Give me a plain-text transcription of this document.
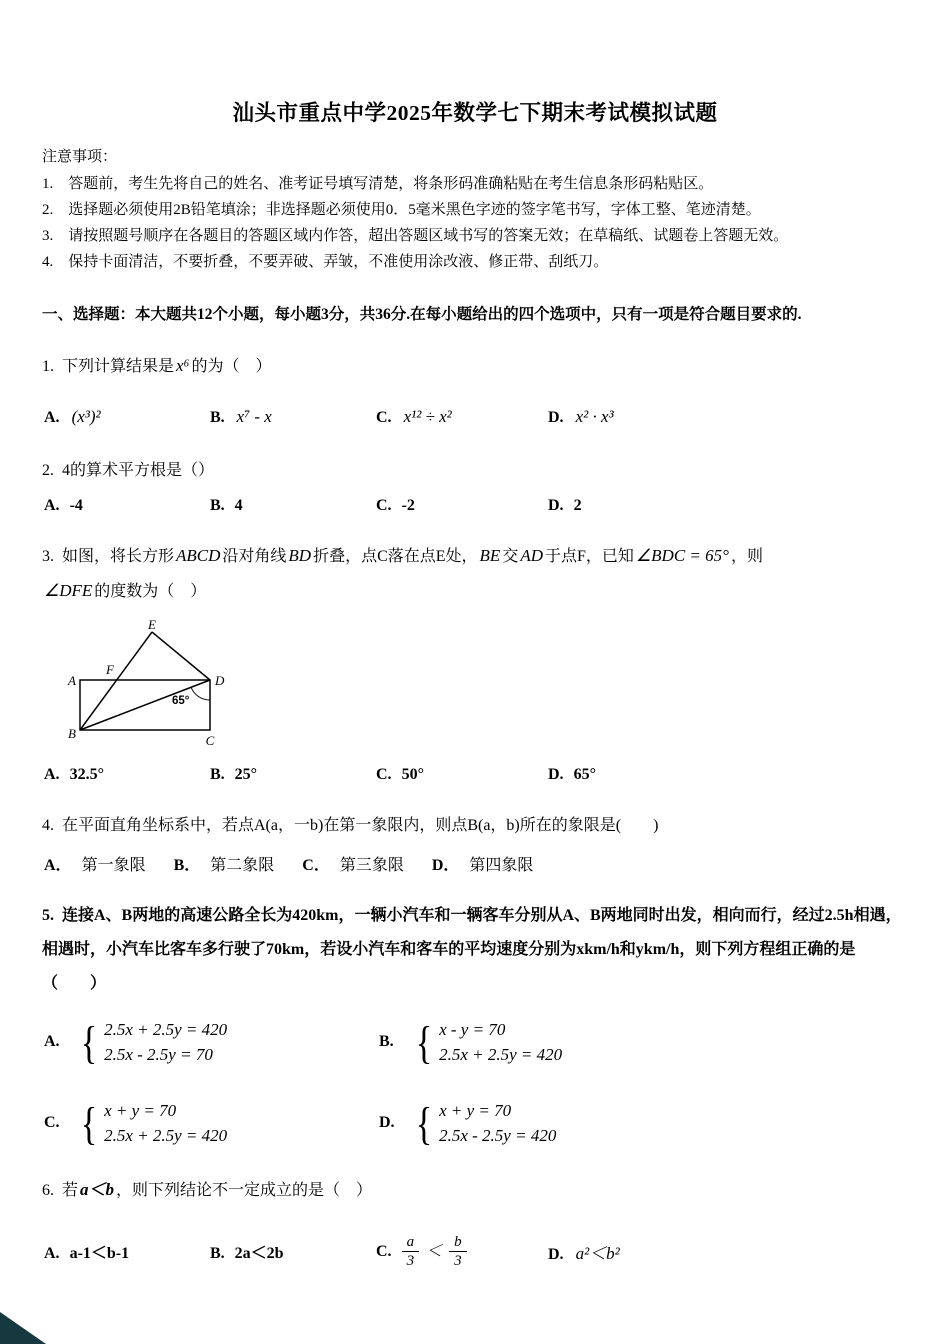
汕头市重点中学2025年数学七下期末考试模拟试题
注意事项：
1.　答题前，考生先将自己的姓名、准考证号填写清楚，将条形码准确粘贴在考生信息条形码粘贴区。
2.　选择题必须使用2B铅笔填涂；非选择题必须使用0．5毫米黑色字迹的签字笔书写，字体工整、笔迹清楚。
3.　请按照题号顺序在各题目的答题区域内作答，超出答题区域书写的答案无效；在草稿纸、试题卷上答题无效。
4.　保持卡面清洁，不要折叠，不要弄破、弄皱，不准使用涂改液、修正带、刮纸刀。
一、选择题：本大题共12个小题，每小题3分，共36分.在每小题给出的四个选项中，只有一项是符合题目要求的.
1. 下列计算结果是 x⁶ 的为（　）
A. (x³)²	B. x⁷ - x	C. x¹² ÷ x²	D. x² · x³
2. 4的算术平方根是（）
A. -4	B. 4	C. -2	D. 2
3. 如图，将长方形 ABCD 沿对角线 BD 折叠，点C落在点E处， BE 交 AD 于点F，已知 ∠BDC = 65° ，则
∠DFE 的度数为（　）
E
A	D
B	C
F
65°
A. 32.5°	B. 25°	C. 50°	D. 65°
4. 在平面直角坐标系中，若点A(a，一b)在第一象限内，则点B(a，b)所在的象限是(　　)
A． 第一象限 B． 第二象限 C． 第三象限 D． 第四象限
5. 连接A、B两地的高速公路全长为420km，一辆小汽车和一辆客车分别从A、B两地同时出发，相向而行，经过2.5h相遇，相遇时，小汽车比客车多行驶了70km，若设小汽车和客车的平均速度分别为xkm/h和ykm/h，则下列方程组正确的是（　　）
A. { 2.5x + 2.5y = 420
2.5x - 2.5y = 70
B. { x - y = 70
2.5x + 2.5y = 420
C. { x + y = 70
2.5x + 2.5y = 420
D. { x + y = 70
2.5x - 2.5y = 420
6. 若 a＜b ，则下列结论不一定成立的是（　）
A. a-1＜b-1	B. 2a＜2b	C. $\frac{a}{3} < \frac{b}{3}$	D. a²＜b²
